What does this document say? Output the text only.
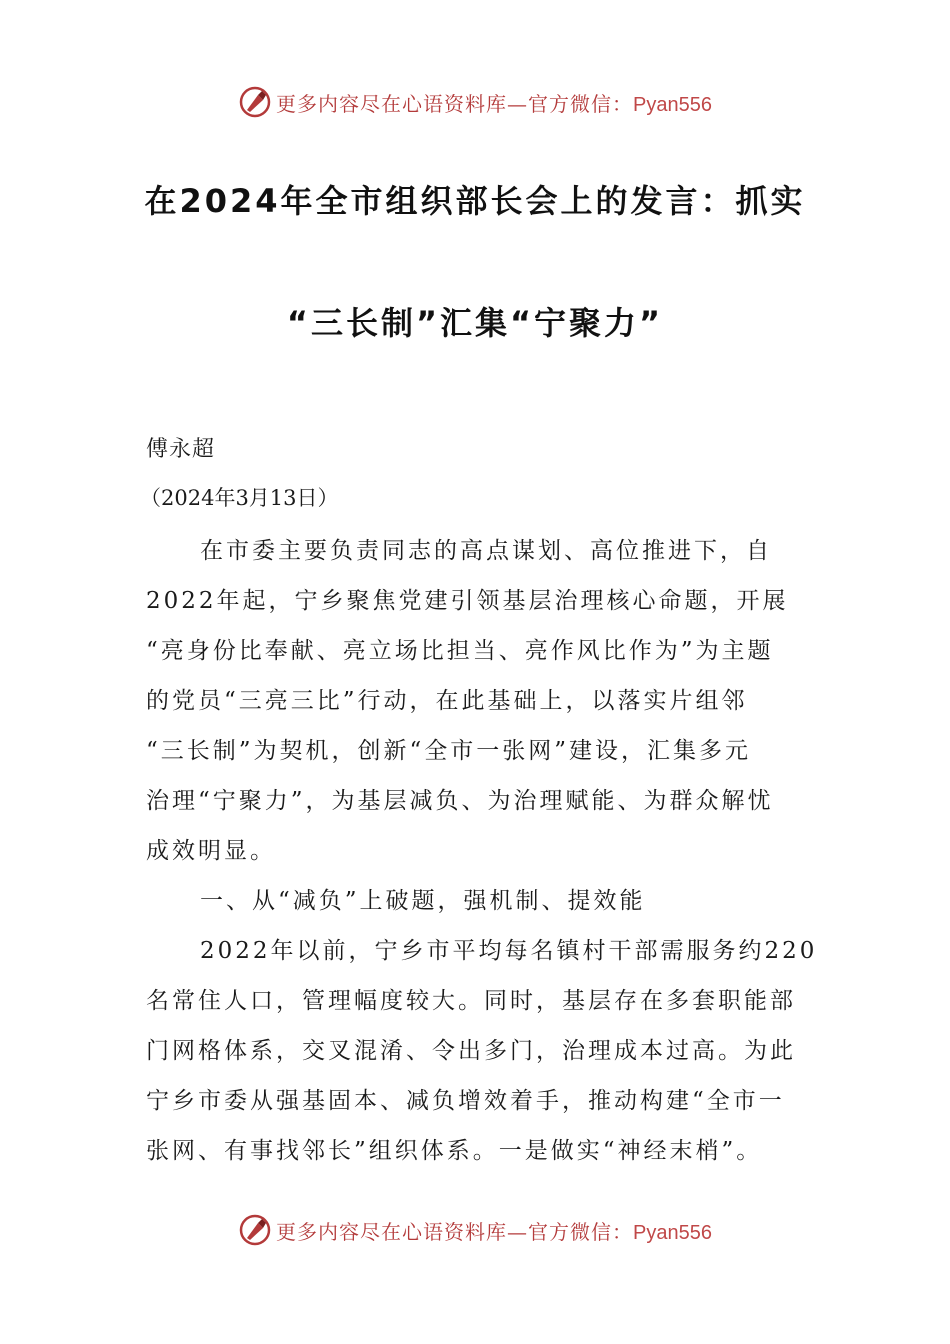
更多内容尽在心语资料库—官方微信：Pyan556
在2024年全市组织部长会上的发言：抓实
“三长制”汇集“宁聚力”
傅永超
（2024年3月13日）
在市委主要负责同志的高点谋划、高位推进下，自
2022年起，宁乡聚焦党建引领基层治理核心命题，开展
“亮身份比奉献、亮立场比担当、亮作风比作为”为主题
的党员“三亮三比”行动，在此基础上，以落实片组邻
“三长制”为契机，创新“全市一张网”建设，汇集多元
治理“宁聚力”，为基层减负、为治理赋能、为群众解忧
成效明显。
一、从“减负”上破题，强机制、提效能
2022年以前，宁乡市平均每名镇村干部需服务约220
名常住人口，管理幅度较大。同时，基层存在多套职能部
门网格体系，交叉混淆、令出多门，治理成本过高。为此
宁乡市委从强基固本、减负增效着手，推动构建“全市一
张网、有事找邻长”组织体系。一是做实“神经末梢”。
更多内容尽在心语资料库—官方微信：Pyan556
